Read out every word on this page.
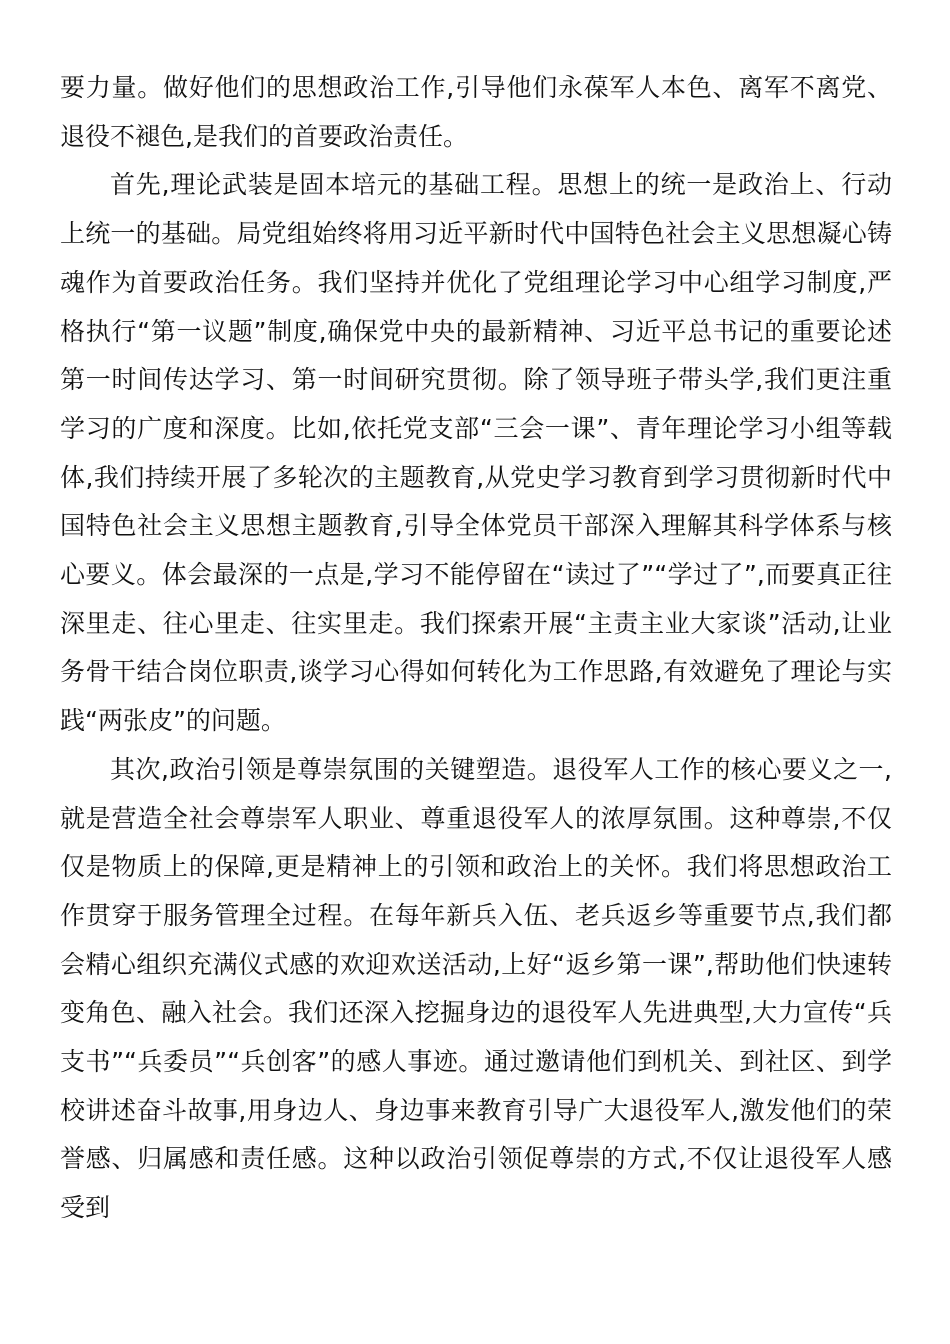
要力量。做好他们的思想政治工作,引导他们永葆军人本色、离军不离党、退役不褪色,是我们的首要政治责任。

首先,理论武装是固本培元的基础工程。思想上的统一是政治上、行动上统一的基础。局党组始终将用习近平新时代中国特色社会主义思想凝心铸魂作为首要政治任务。我们坚持并优化了党组理论学习中心组学习制度,严格执行“第一议题”制度,确保党中央的最新精神、习近平总书记的重要论述第一时间传达学习、第一时间研究贯彻。除了领导班子带头学,我们更注重学习的广度和深度。比如,依托党支部“三会一课”、青年理论学习小组等载体,我们持续开展了多轮次的主题教育,从党史学习教育到学习贯彻新时代中国特色社会主义思想主题教育,引导全体党员干部深入理解其科学体系与核心要义。体会最深的一点是,学习不能停留在“读过了”“学过了”,而要真正往深里走、往心里走、往实里走。我们探索开展“主责主业大家谈”活动,让业务骨干结合岗位职责,谈学习心得如何转化为工作思路,有效避免了理论与实践“两张皮”的问题。

其次,政治引领是尊崇氛围的关键塑造。退役军人工作的核心要义之一,就是营造全社会尊崇军人职业、尊重退役军人的浓厚氛围。这种尊崇,不仅仅是物质上的保障,更是精神上的引领和政治上的关怀。我们将思想政治工作贯穿于服务管理全过程。在每年新兵入伍、老兵返乡等重要节点,我们都会精心组织充满仪式感的欢迎欢送活动,上好“返乡第一课”,帮助他们快速转变角色、融入社会。我们还深入挖掘身边的退役军人先进典型,大力宣传“兵支书”“兵委员”“兵创客”的感人事迹。通过邀请他们到机关、到社区、到学校讲述奋斗故事,用身边人、身边事来教育引导广大退役军人,激发他们的荣誉感、归属感和责任感。这种以政治引领促尊崇的方式,不仅让退役军人感受到
